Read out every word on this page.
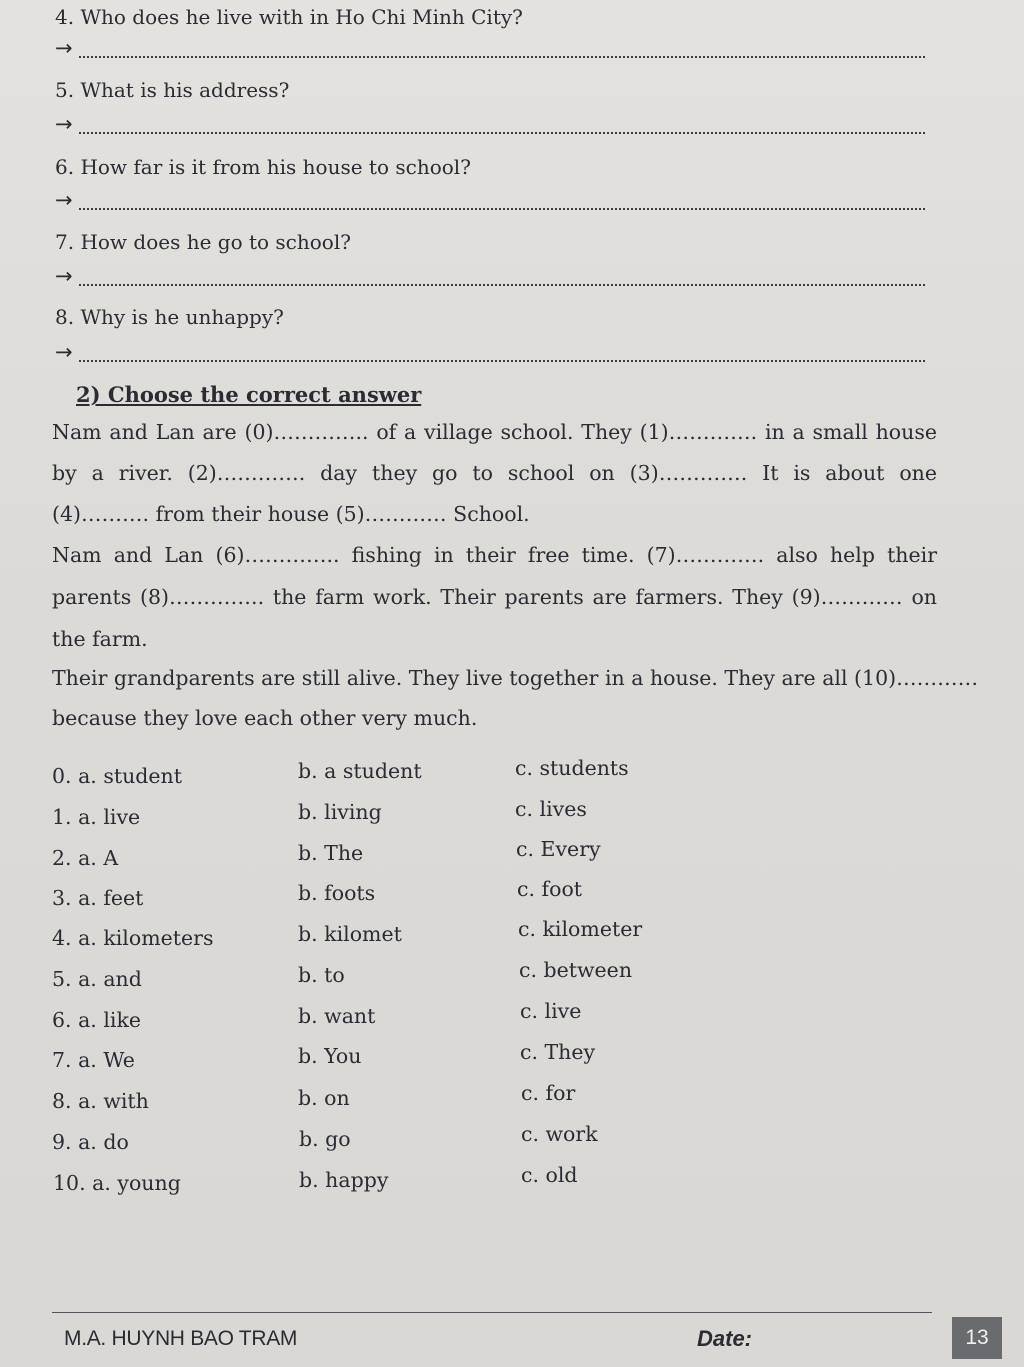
4. Who does he live with in Ho Chi Minh City?
→
5. What is his address?
→
6. How far is it from his house to school?
→
7. How does he go to school?
→
8. Why is he unhappy?
→
2) Choose the correct answer
Nam and Lan are (0)………….. of a village school. They (1)…………. in a small house
by a river. (2)…………. day they go to school on (3)…………. It is about one
(4)………. from their house (5)………… School.
Nam and Lan (6)………….. fishing in their free time. (7)…………. also help their
parents (8)………….. the farm work. Their parents are farmers. They (9)………… on
the farm.
Their grandparents are still alive. They live together in a house. They are all (10)…………
because they love each other very much.
0. a. student	b. a student	c. students
1. a. live	b. living	c. lives
2. a. A	b. The	c. Every
3. a. feet	b. foots	c. foot
4. a. kilometers	b. kilomet	c. kilometer
5. a. and	b. to	c. between
6. a. like	b. want	c. live
7. a. We	b. You	c. They
8. a. with	b. on	c. for
9. a. do	b. go	c. work
10. a. young	b. happy	c. old
M.A. HUYNH BAO TRAM	Date:	13
